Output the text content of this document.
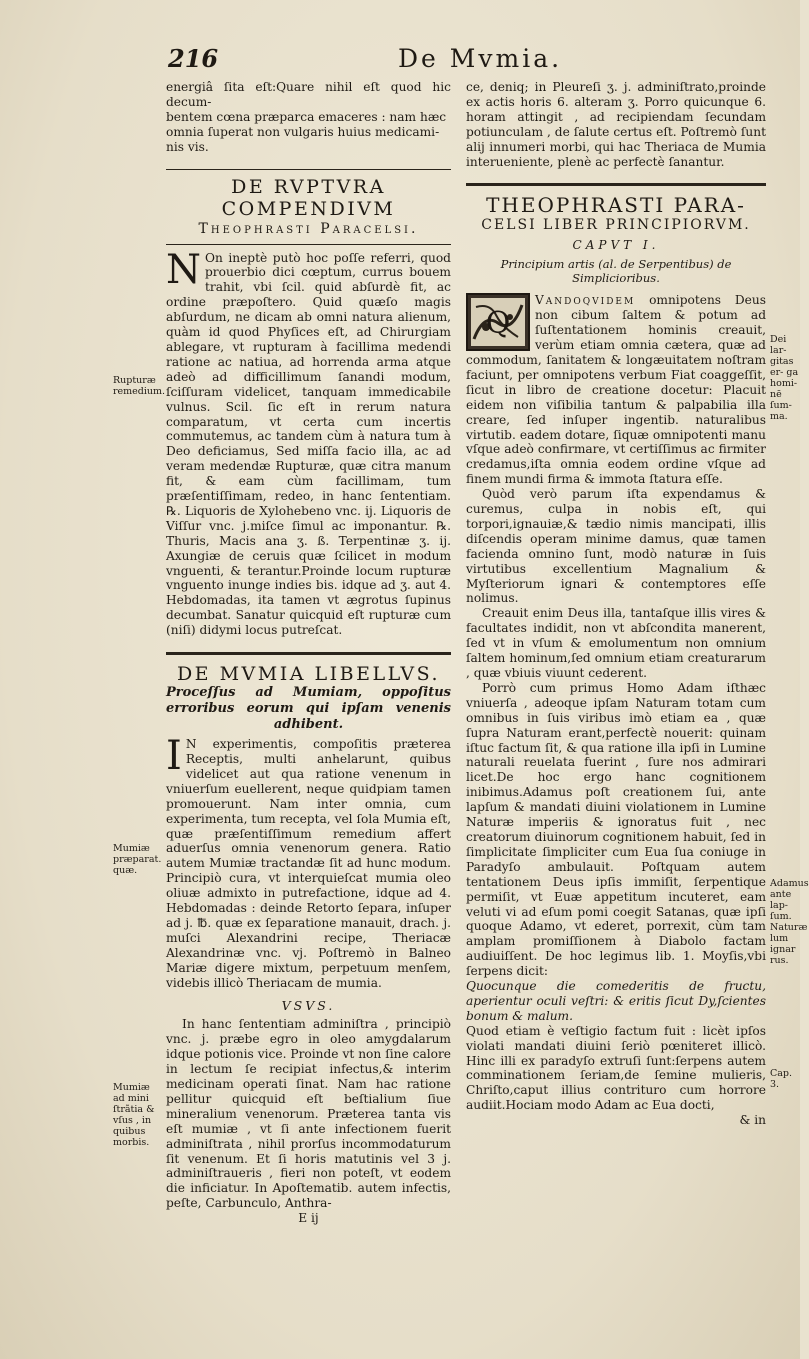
216	De Mvmia.

energiâ ſita eſt:Quare nihil eſt quod hic decum-

bentem cœna præparca emaceres : nam hæc

omnia ſuperat non vulgaris huius medicami-

nis vis.

DE RVPTVRA COMPENDIVM

Theophrasti Paracelsi.

N On ineptè putò hoc poſſe referri, quod prouerbio dici cœptum, currus bouem trahit, vbi ſcil. quid abſurdè fit, ac ordine præpoſtero. Quid quæſo magis abſurdum, ne dicam ab omni natura alienum, quàm id quod Phyſices eſt, ad Chirurgiam ablegare, vt rupturam à facillima medendi ratione ac natiua, ad horrenda arma atque adeò ad difficillimum ſanandi modum, ſciſſuram videlicet, tanquam immedicabile vulnus. Scil. ſic eſt in rerum natura comparatum, vt certa cum incertis commutemus, ac tandem cùm à natura tum à Deo deficiamus, Sed miſſa facio illa, ac ad veram medendæ Rupturæ, quæ citra manum fit, & eam cùm facillimam, tum præſentiſſimam, redeo, in hanc ſententiam. ℞. Liquoris de Xylohebeno vnc. ij. Liquoris de Viſſur vnc. j.miſce ſimul ac imponantur. ℞. Thuris, Macis ana ʒ. ß. Terpentinæ ʒ. ij. Axungiæ de ceruis quæ ſcilicet in modum vnguenti, & terantur.Proinde locum rupturæ vnguento inunge indies bis. idque ad ʒ. aut 4. Hebdomadas, ita tamen vt ægrotus ſupinus decumbat. Sanatur quicquid eſt rupturæ cum (niſi) didymi locus putreſcat.

DE MVMIA LIBELLVS.

Proceſſus ad Mumiam, oppoſitus erroribus eorum qui ipſam venenis adhibent.

I N experimentis, compoſitis præterea Receptis, multi anhelarunt, quibus videlicet aut qua ratione venenum in vniuerſum euellerent, neque quidpiam tamen promouerunt. Nam inter omnia, cum experimenta, tum recepta, vel ſola Mumia eſt, quæ præſentiſſimum remedium affert aduerſus omnia venenorum genera. Ratio autem Mumiæ tractandæ ſit ad hunc modum. Principiò cura, vt interquieſcat mumia oleo oliuæ admixto in putrefactione, idque ad 4. Hebdomadas : deinde Retorto ſepara, inſuper ad j. ℔. quæ ex ſeparatione manauit, drach. j. muſci Alexandrini recipe, Theriacæ Alexandrinæ vnc. vj. Poſtremò in Balneo Mariæ digere mixtum, perpetuum menſem, videbis illicò Theriacam de mumia.

VSVS.

In hanc ſententiam adminiſtra , principiò vnc. j. præbe egro in oleo amygdalarum idque potionis vice. Proinde vt non ſine calore in lectum ſe recipiat infectus,& interim medicinam operati ſinat. Nam hac ratione pellitur quicquid eſt beſtialium ſiue mineralium venenorum. Præterea tanta vis eſt mumiæ , vt ſi ante infectionem fuerit adminiſtrata , nihil prorſus incommodaturum ſit venenum. Et ſi horis matutinis vel 3 j. adminiſtraueris , fieri non poteſt, vt eodem die inficiatur. In Apoſtematib. autem infectis, peſte, Carbunculo, Anthra-

E ij

ce, deniq; in Pleureſi ʒ. j. adminiſtrato,proinde ex actis horis 6. alteram ʒ. Porro quicunque 6. horam attingit , ad recipiendam ſecundam potiunculam , de ſalute certus eſt. Poſtremò ſunt alij innumeri morbi, qui hac Theriaca de Mumia interueniente, plenè ac perfectè ſanantur.

THEOPHRASTI PARA-

CELSI LIBER PRINCIPIORVM.

CAPVT I.

Principium artis (al. de Serpentibus) de Simplicioribus.

Q
Vandoqvidem omnipotens Deus non cibum ſaltem & potum ad ſuſtentationem hominis creauit, verùm etiam omnia cætera, quæ ad commodum, ſanitatem & longæuitatem noſtram faciunt, per omnipotens verbum Fiat coaggeſſit, ſicut in libro de creatione docetur: Placuit eidem non viſibilia tantum & palpabilia illa creare, ſed inſuper ingentib. naturalibus virtutib. eadem dotare, ſiquæ omnipotenti manu vſque adeò confirmare, vt certiſſimus ac firmiter credamus,iſta omnia eodem ordine vſque ad finem mundi firma & immota ſtatura eſſe.

Quòd verò parum iſta expendamus & curemus, culpa in nobis eſt, qui torpori,ignauiæ,& tædio nimis mancipati, illis diſcendis operam minime damus, quæ tamen facienda omnino ſunt, modò naturæ in ſuis virtutibus excellentium Magnalium & Myſteriorum ignari & contemptores eſſe nolimus.

Creauit enim Deus illa, tantaſque illis vires & facultates indidit, non vt abſcondita manerent, ſed vt in vſum & emolumentum non omnium ſaltem hominum,ſed omnium etiam creaturarum , quæ vbiuis viuunt cederent.

Porrò cum primus Homo Adam iſthæc vniuerſa , adeoque ipſam Naturam totam cum omnibus in ſuis viribus imò etiam ea , quæ ſupra Naturam erant,perfectè nouerit: quinam iſtuc factum ſit, & qua ratione illa ipſi in Lumine naturali reuelata fuerint , ſure nos admirari licet.De hoc ergo hanc cognitionem inibimus.Adamus poſt creationem ſui, ante lapſum & mandati diuini violationem in Lumine Naturæ imperiis & ignoratus fuit , nec creatorum diuinorum cognitionem habuit, ſed in ſimplicitate ſimpliciter cum Eua ſua coniuge in Paradyſo ambulauit. Poſtquam autem tentationem Deus ipſis immiſit, ſerpentique permiſit, vt Euæ appetitum incuteret, eam veluti vi ad eſum pomi coegit Satanas, quæ ipſi quoque Adamo, vt ederet, porrexit, cùm tam amplam promiſſionem à Diabolo factam audiuiſſent. De hoc legimus lib. 1. Moyſis,vbi ſerpens dicit:

Quocunque die comederitis de fructu, aperientur oculi veſtri: & eritis ſicut Dy,ſcientes bonum & malum.

Quod etiam è veſtigio factum fuit : licèt ipſos violati mandati diuini ſeriò pœniteret illicò. Hinc illi ex paradyſo extruſi ſunt:ſerpens autem comminationem ſeriam,de ſemine mulieris, Chriſto,caput illius contrituro cum horrore audiit.Hociam modo Adam ac Eua docti,

& in

Rupturæ remedium.
Mumiæ præparat. quæ.
Mumiæ ad mini ſtrãtia & vſus , in quibus morbis.
Dei lar- gitas er- ga homi- nē ſum- ma.
Adamus ante lap- ſum. Naturæ lum ignar rus.
Cap. 3.
